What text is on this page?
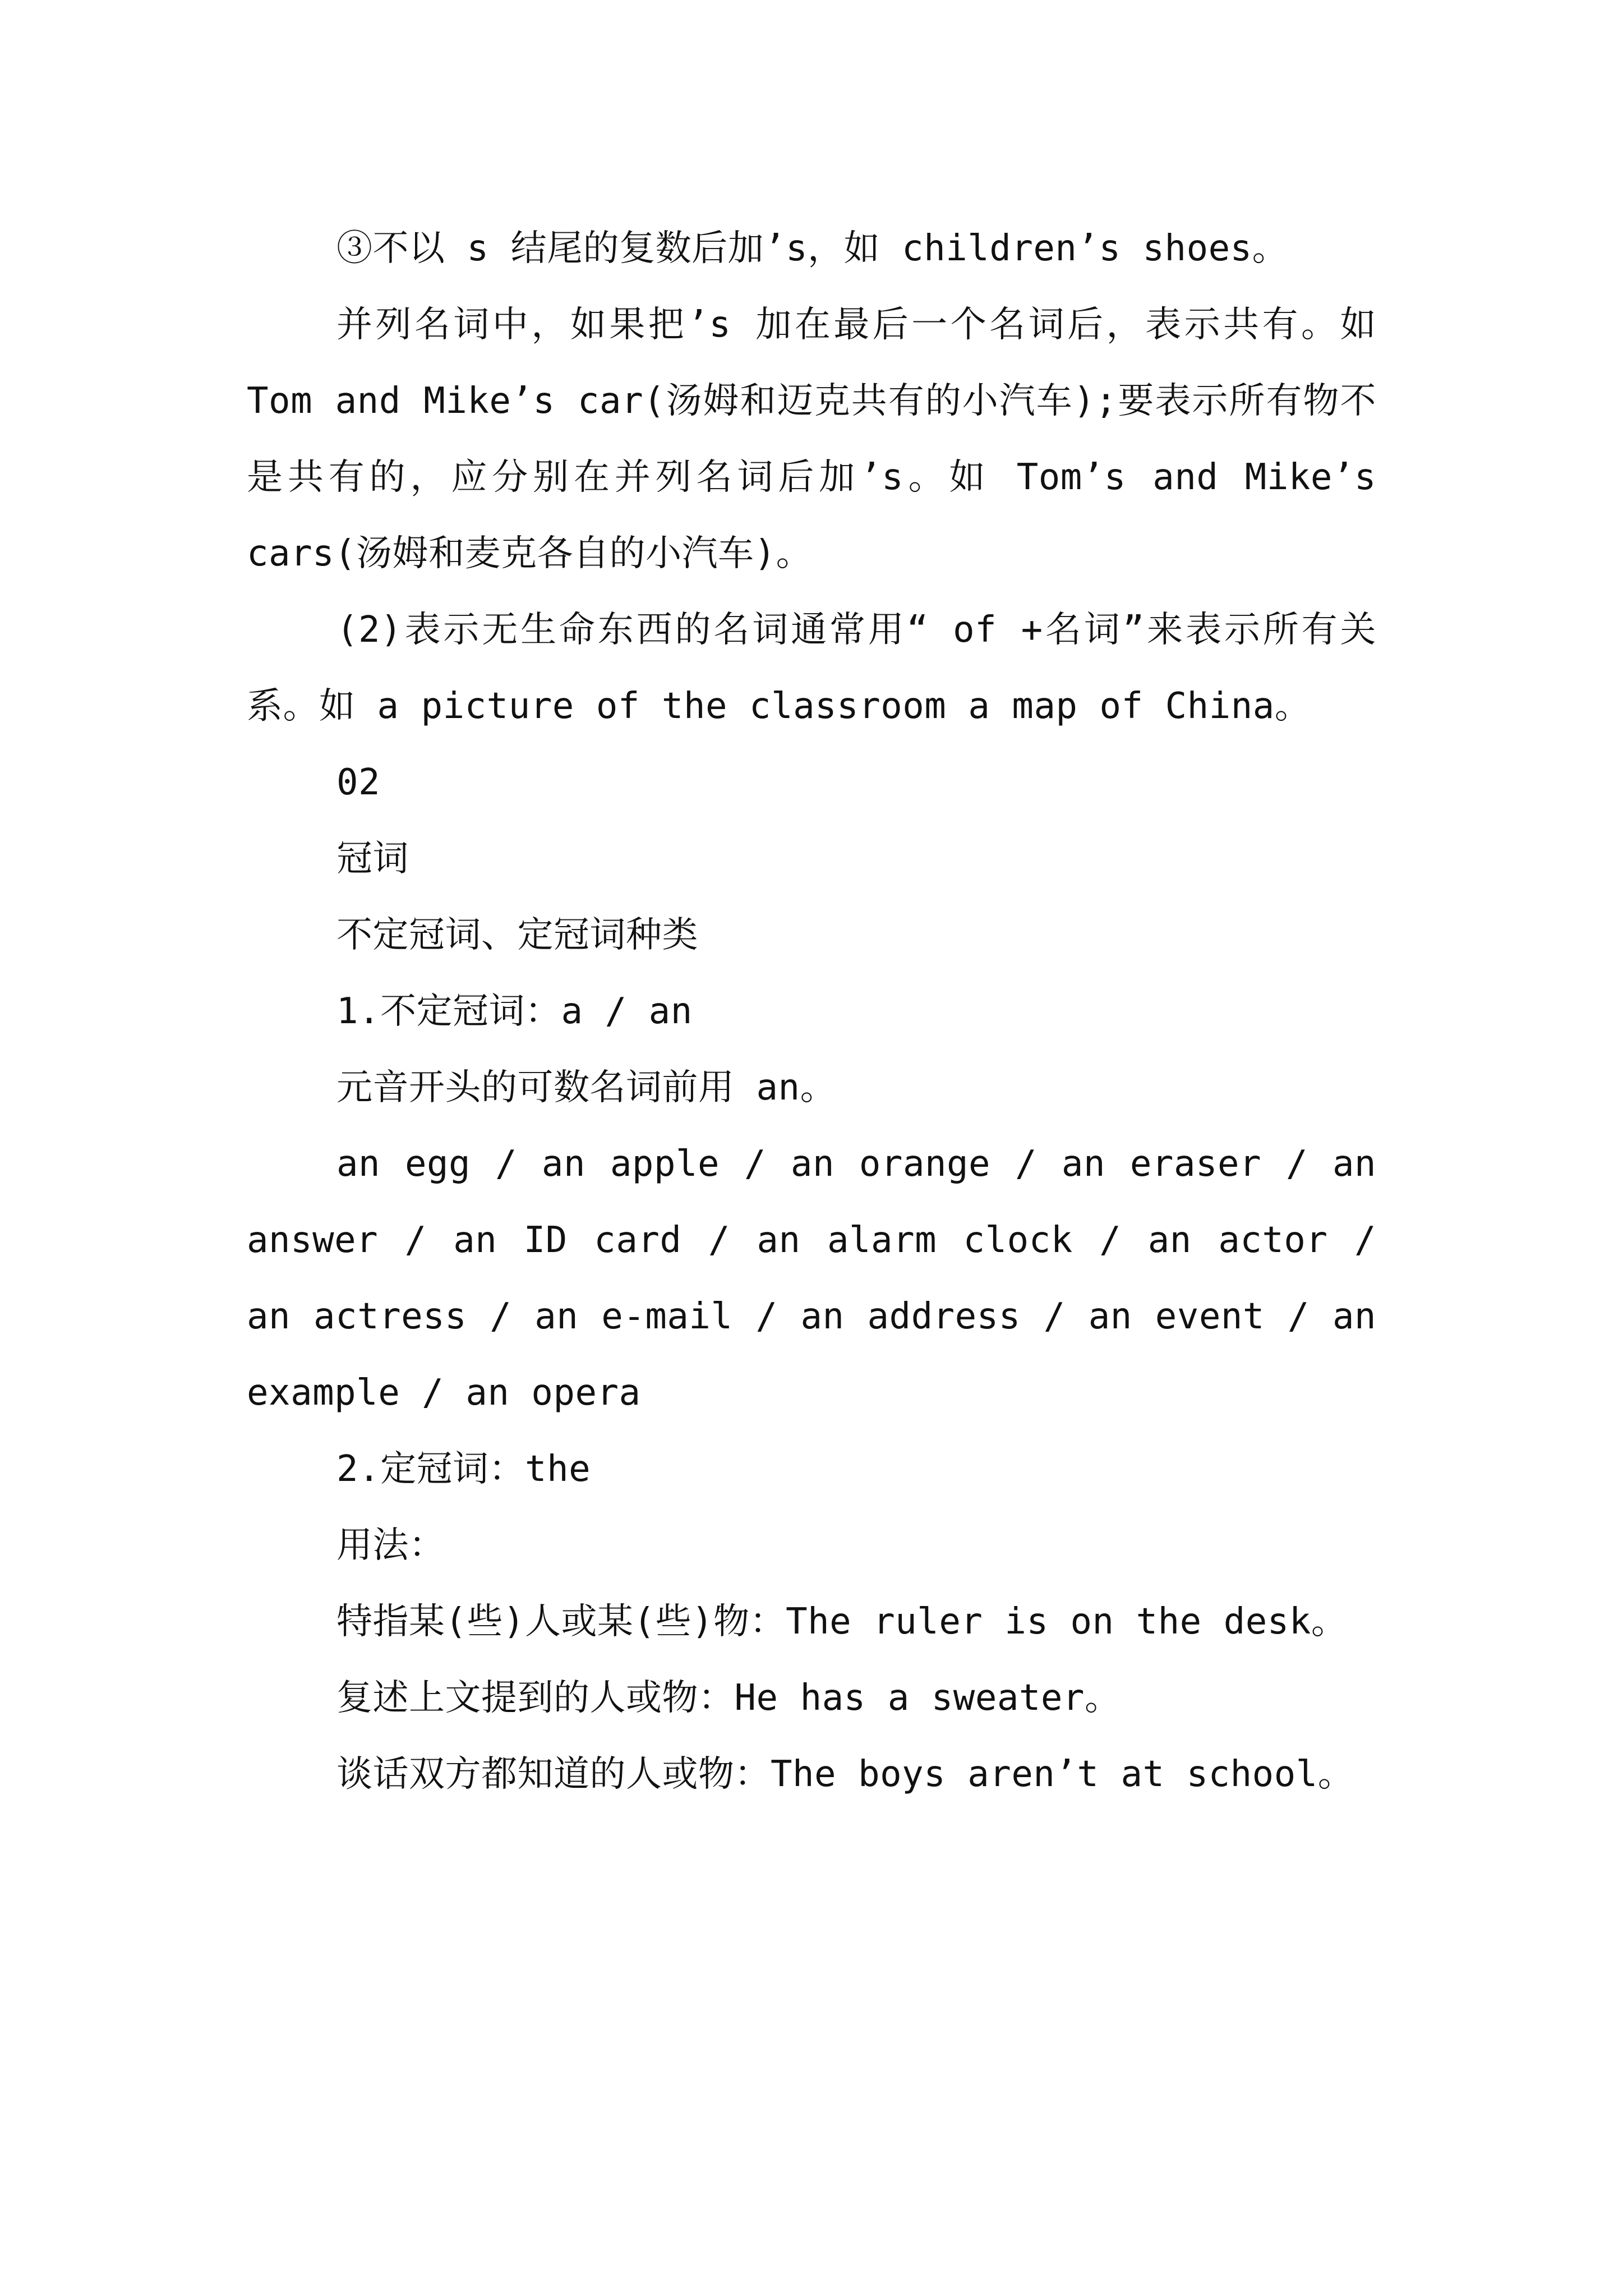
③不以 s 结尾的复数后加’s，如 children’s shoes。

并列名词中，如果把’s 加在最后一个名词后，表示共有。如 Tom and Mike’s car(汤姆和迈克共有的小汽车);要表示所有物不是共有的，应分别在并列名词后加’s。如 Tom’s and Mike’s cars(汤姆和麦克各自的小汽车)。

(2)表示无生命东西的名词通常用“ of +名词”来表示所有关系。如 a picture of the classroom a map of China。

02

冠词

不定冠词、定冠词种类

1.不定冠词：a / an

元音开头的可数名词前用 an。

an egg / an apple / an orange / an eraser / an answer / an ID card / an alarm clock / an actor / an actress / an e-mail / an address / an event / an example / an opera

2.定冠词：the

用法：

特指某(些)人或某(些)物：The ruler is on the desk。

复述上文提到的人或物：He has a sweater。

谈话双方都知道的人或物：The boys aren’t at school。
